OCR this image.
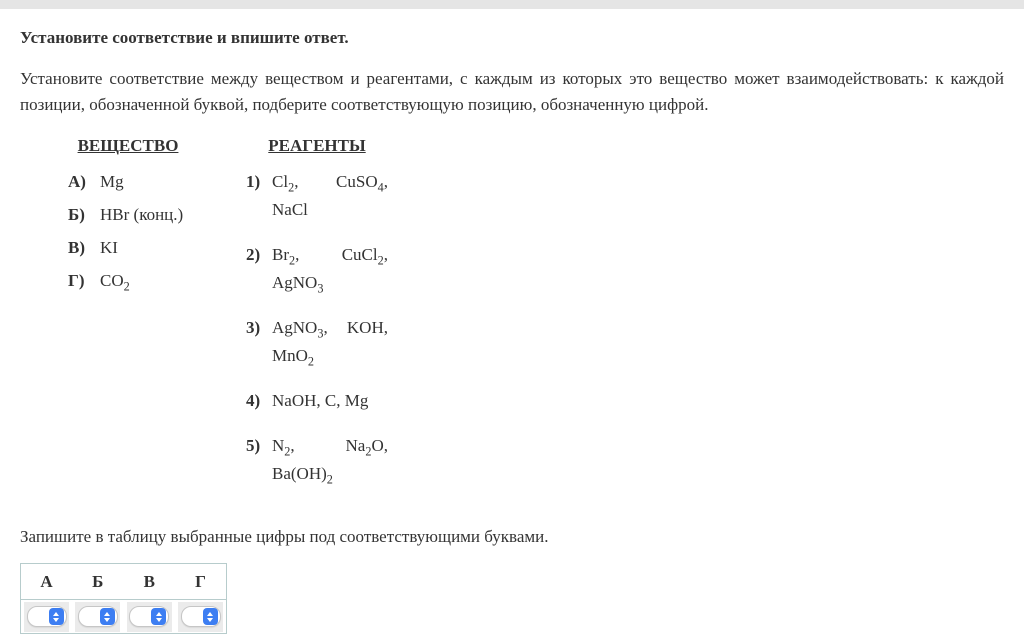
Установите соответствие и впишите ответ.

Установите соответствие между веществом и реагентами, с каждым из которых это вещество может взаимодействовать: к каждой позиции, обозначенной буквой, подберите соответствующую позицию, обозначенную цифрой.

ВЕЩЕСТВО
А) Mg
Б) HBr (конц.)
В) KI
Г) $CO_2$
РЕАГЕНТЫ
1) $Cl_2$, CuSO$_4$, NaCl
2) $Br_2$, CuCl$_2$, AgNO$_3$
3) AgNO$_3$, KOH, MnO$_2$
4) NaOH, C, Mg
5) $N_2$, $Na_2O$, $Ba(OH)_2$

Запишите в таблицу выбранные цифры под соответствующими буквами.

А	Б	В	Г
